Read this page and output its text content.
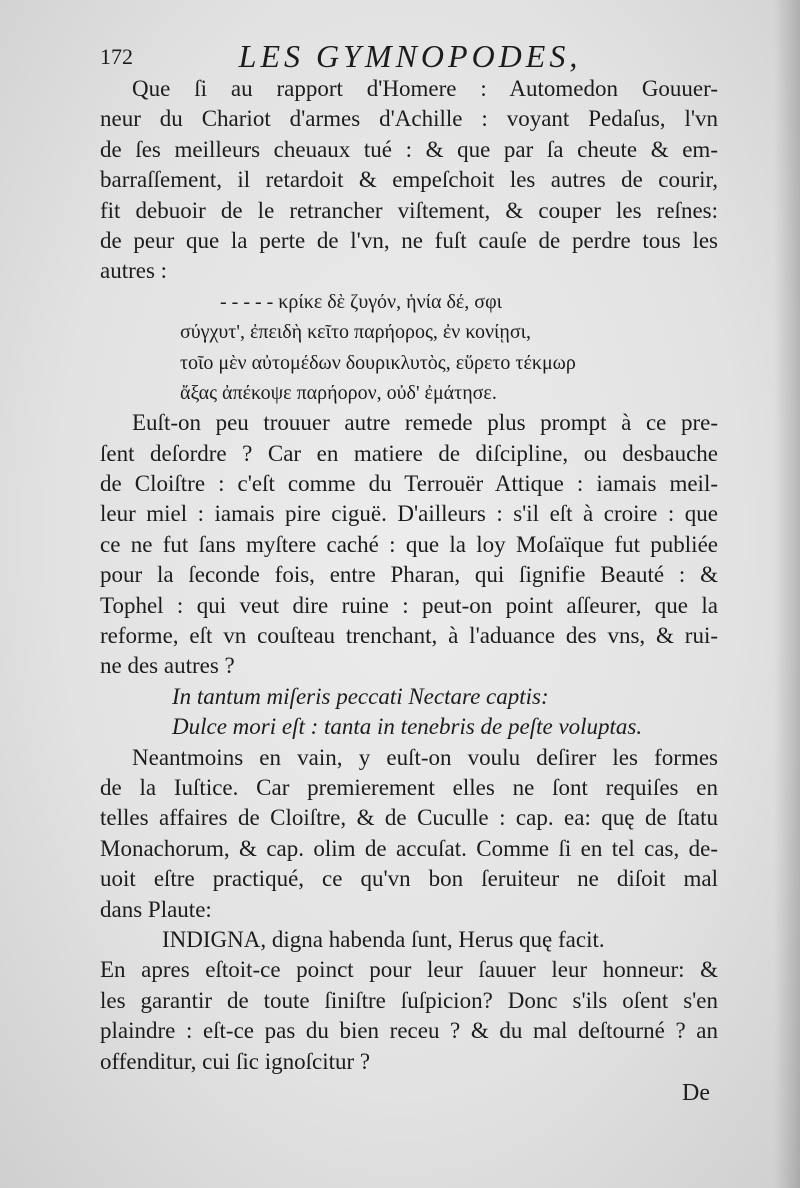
172	LES GYMNOPODES,
Que ſi au rapport d'Homere : Automedon Gouuer-
neur du Chariot d'armes d'Achille : voyant Pedaſus, l'vn
de ſes meilleurs cheuaux tué : & que par ſa cheute & em-
barraſſement, il retardoit & empeſchoit les autres de courir,
fit debuoir de le retrancher viſtement, & couper les reſnes:
de peur que la perte de l'vn, ne fuſt cauſe de perdre tous les
autres :
- - - - - κρίκε δὲ ζυγόν, ἡνία δέ, σφι
σύγχυτ', ἐπειδὴ κεῖτο παρήορος, ἐν κονίῃσι,
τοῖο μὲν αὐτομέδων δουρικλυτὸς, εὕρετο τέκμωρ
ἄξας ἀπέκοψε παρήορον, οὐδ' ἐμάτησε.
Euſt-on peu trouuer autre remede plus prompt à ce pre-
ſent deſordre ? Car en matiere de diſcipline, ou desbauche
de Cloiſtre : c'eſt comme du Terrouër Attique : iamais meil-
leur miel : iamais pire ciguë. D'ailleurs : s'il eſt à croire : que
ce ne fut ſans myſtere caché : que la loy Moſaïque fut publiée
pour la ſeconde fois, entre Pharan, qui ſignifie Beauté : &
Tophel : qui veut dire ruine : peut-on point aſſeurer, que la
reforme, eſt vn couſteau trenchant, à l'aduance des vns, & rui-
ne des autres ?
In tantum miſeris peccati Nectare captis:
Dulce mori eſt : tanta in tenebris de peſte voluptas.
Neantmoins en vain, y euſt-on voulu deſirer les formes
de la Iuſtice. Car premierement elles ne ſont requiſes en
telles affaires de Cloiſtre, & de Cuculle : cap. ea: quę de ſtatu
Monachorum, & cap. olim de accuſat. Comme ſi en tel cas, de-
uoit eſtre practiqué, ce qu'vn bon ſeruiteur ne diſoit mal
dans Plaute:
INDIGNA, digna habenda ſunt, Herus quę facit.
En apres eſtoit-ce poinct pour leur ſauuer leur honneur: &
les garantir de toute ſiniſtre ſuſpicion? Donc s'ils oſent s'en
plaindre : eſt-ce pas du bien receu ? & du mal deſtourné ? an
offenditur, cui ſic ignoſcitur ?
De
